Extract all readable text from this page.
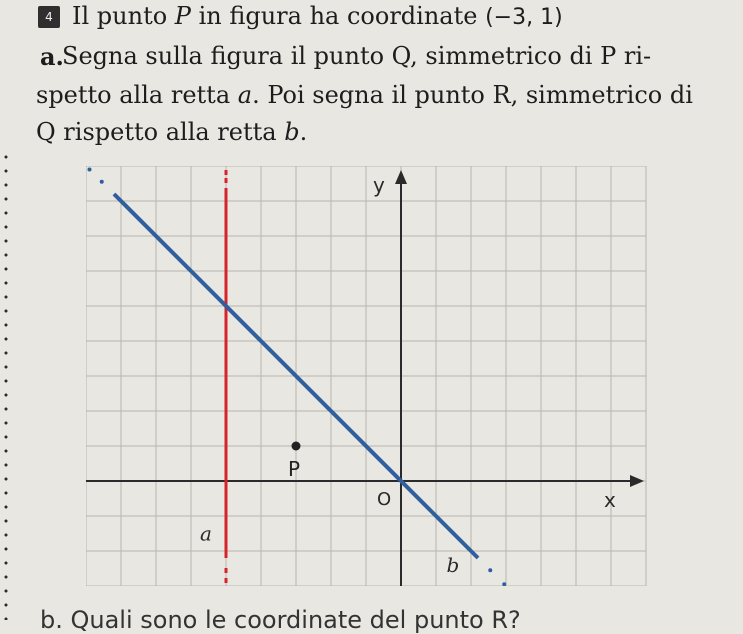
4 Il punto P in figura ha coordinate (−3, 1)
a.
Segna sulla figura il punto Q, simmetrico di P ri-
spetto alla retta a. Poi segna il punto R, simmetrico di
Q rispetto alla retta b.
P
O	x
y
a
b
b. Quali sono le coordinate del punto R?
